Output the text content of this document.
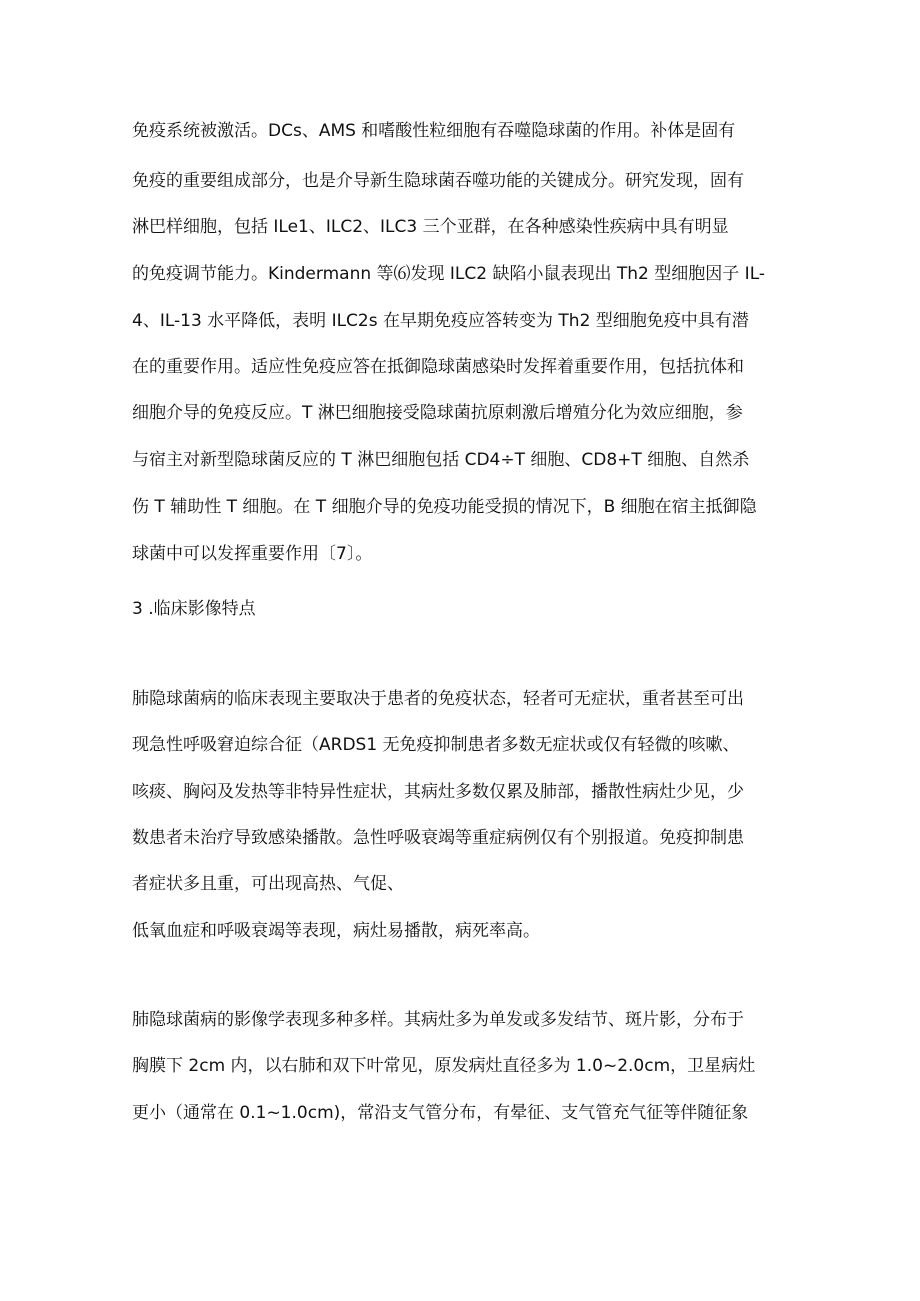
免疫系统被激活。DCs、AMS 和嗜酸性粒细胞有吞噬隐球菌的作用。补体是固有
免疫的重要组成部分，也是介导新生隐球菌吞噬功能的关键成分。研究发现，固有
淋巴样细胞，包括 ILe1、ILC2、ILC3 三个亚群，在各种感染性疾病中具有明显
的免疫调节能力。Kindermann 等⑹发现 ILC2 缺陷小鼠表现出 Th2 型细胞因子 IL-
4、IL-13 水平降低，表明 ILC2s 在早期免疫应答转变为 Th2 型细胞免疫中具有潜
在的重要作用。适应性免疫应答在抵御隐球菌感染时发挥着重要作用，包括抗体和
细胞介导的免疫反应。T 淋巴细胞接受隐球菌抗原刺激后增殖分化为效应细胞，参
与宿主对新型隐球菌反应的 T 淋巴细胞包括 CD4÷T 细胞、CD8+T 细胞、自然杀
伤 T 辅助性 T 细胞。在 T 细胞介导的免疫功能受损的情况下，B 细胞在宿主抵御隐
球菌中可以发挥重要作用〔7〕。
3 .临床影像特点
肺隐球菌病的临床表现主要取决于患者的免疫状态，轻者可无症状，重者甚至可出
现急性呼吸窘迫综合征（ARDS1 无免疫抑制患者多数无症状或仅有轻微的咳嗽、
咳痰、胸闷及发热等非特异性症状，其病灶多数仅累及肺部，播散性病灶少见，少
数患者未治疗导致感染播散。急性呼吸衰竭等重症病例仅有个别报道。免疫抑制患
者症状多且重，可出现高热、气促、
低氧血症和呼吸衰竭等表现，病灶易播散，病死率高。
肺隐球菌病的影像学表现多种多样。其病灶多为单发或多发结节、斑片影，分布于
胸膜下 2cm 内，以右肺和双下叶常见，原发病灶直径多为 1.0~2.0cm，卫星病灶
更小（通常在 0.1~1.0cm)，常沿支气管分布，有晕征、支气管充气征等伴随征象
